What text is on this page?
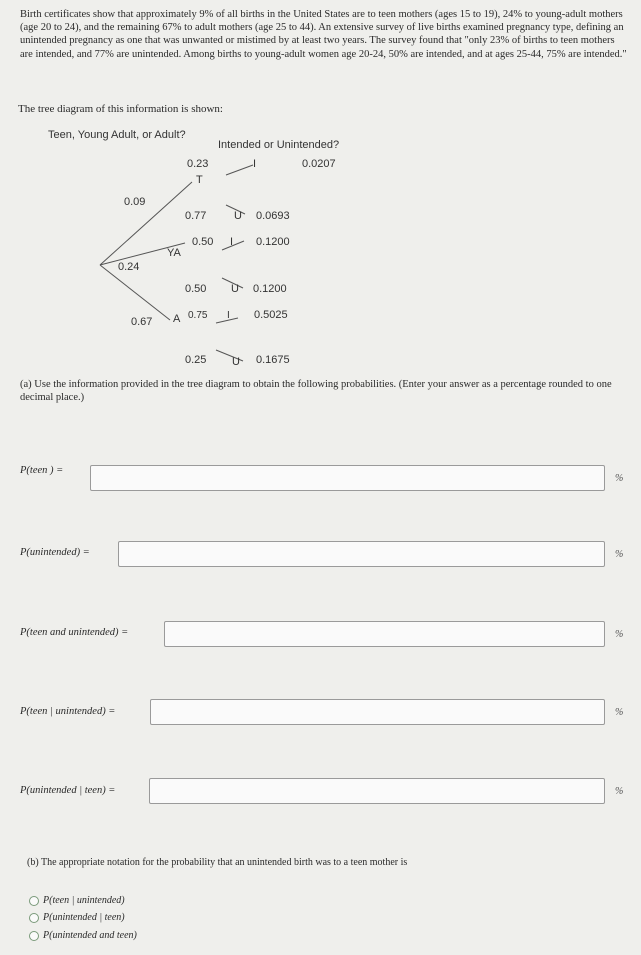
Birth certificates show that approximately 9% of all births in the United States are to teen mothers (ages 15 to 19), 24% to young-adult mothers (age 20 to 24), and the remaining 67% to adult mothers (age 25 to 44). An extensive survey of live births examined pregnancy type, defining an unintended pregnancy as one that was unwanted or mistimed by at least two years. The survey found that "only 23% of births to teen mothers are intended, and 77% are unintended. Among births to young-adult women age 20-24, 50% are intended, and at ages 25-44, 75% are intended."

The tree diagram of this information is shown:
Teen, Young Adult, or Adult?
Intended or Unintended?
0.09
0.24
0.67
T
YA
A
0.23	I	0.0207
0.77	U 0.0693
0.50 I 0.1200
0.50 U 0.1200
0.75 I 0.5025
0.25 U 0.1675

(a) Use the information provided in the tree diagram to obtain the following probabilities. (Enter your answer as a percentage rounded to one decimal place.)

P(teen ) =
%
P(unintended) =	%
P(teen and unintended) =	%
P(teen | unintended) =	%
P(unintended | teen) =	%
(b) The appropriate notation for the probability that an unintended birth was to a teen mother is
P(teen | unintended)
P(unintended | teen)
P(unintended and teen)
